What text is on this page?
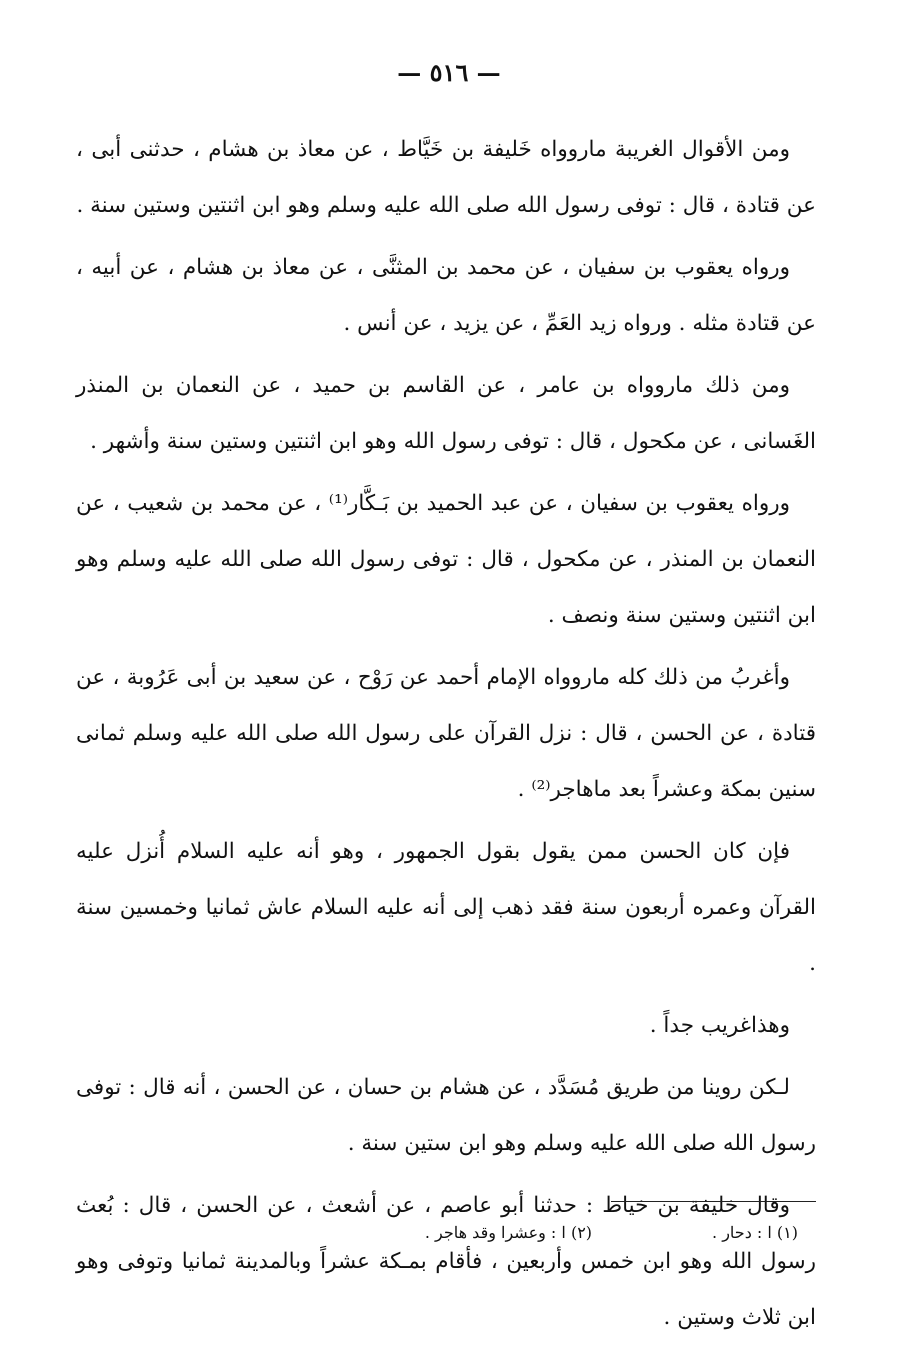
— ٥١٦ —

ومن الأقوال الغريبة ماروواه خَليفة بن خَيَّاط ، عن معاذ بن هشام ، حدثنى أبى ، عن قتادة ، قال : توفى رسول الله صلى الله عليه وسلم وهو ابن اثنتين وستين سنة .

ورواه يعقوب بن سفيان ، عن محمد بن المثنَّى ، عن معاذ بن هشام ، عن أبيه ، عن قتادة مثله . ورواه زيد العَمِّ ، عن يزيد ، عن أنس .

ومن ذلك ماروواه بن عامر ، عن القاسم بن حميد ، عن النعمان بن المنذر الغَسانى ، عن مكحول ، قال : توفى رسول الله وهو ابن اثنتين وستين سنة وأشهر .

ورواه يعقوب بن سفيان ، عن عبد الحميد بن بَـكَّار⁽¹⁾ ، عن محمد بن شعيب ، عن النعمان بن المنذر ، عن مكحول ، قال : توفى رسول الله صلى الله عليه وسلم وهو ابن اثنتين وستين سنة ونصف .

وأغربُ من ذلك كله ماروواه الإمام أحمد عن رَوْح ، عن سعيد بن أبى عَرُوبة ، عن قتادة ، عن الحسن ، قال : نزل القرآن على رسول الله صلى الله عليه وسلم ثمانى سنين بمكة وعشراً بعد ماهاجر⁽²⁾ .

فإن كان الحسن ممن يقول بقول الجمهور ، وهو أنه عليه السلام أُنزل عليه القرآن وعمره أربعون سنة فقد ذهب إلى أنه عليه السلام عاش ثمانيا وخمسين سنة .

وهذاغريب جداً .

لـكن روينا من طريق مُسَدَّد ، عن هشام بن حسان ، عن الحسن ، أنه قال : توفى رسول الله صلى الله عليه وسلم وهو ابن ستين سنة .

وقال خليفة بن خياط : حدثنا أبو عاصم ، عن أشعث ، عن الحسن ، قال : بُعث رسول الله وهو ابن خمس وأربعين ، فأقام بمـكة عشراً وبالمدينة ثمانيا وتوفى وهو ابن ثلاث وستين .

(١) ا : دحار .
(٢) ا : وعشرا وقد هاجر .
